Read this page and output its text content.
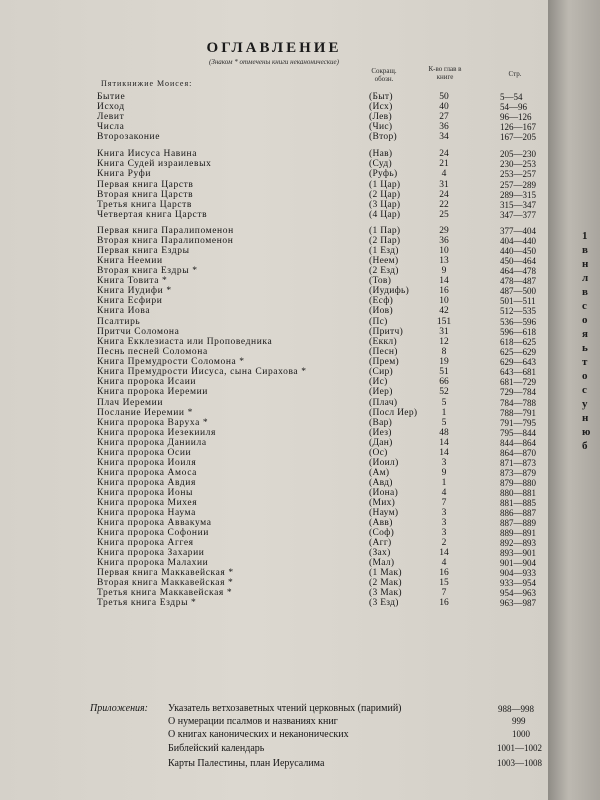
ОГЛАВЛЕНИЕ
(Знаком * отмечены книги неканонические)
Сокращ. обозн.
К-во глав в книге	Стр.
Пятикнижие Моисея:
Бытие	(Быт)	50	5—54
Исход	(Исх)	40	54—96
Левит	(Лев)	27	96—126
Числа	(Чис)	36	126—167
Второзаконие	(Втор)	34	167—205
Книга Иисуса Навина	(Нав)	24	205—230
Книга Судей израилевых	(Суд)	21	230—253
Книга Руфи	(Руфь)	4	253—257
Первая книга Царств	(1 Цар)	31	257—289
Вторая книга Царств	(2 Цар)	24	289—315
Третья книга Царств	(3 Цар)	22	315—347
Четвертая книга Царств	(4 Цар)	25	347—377
Первая книга Паралипоменон	(1 Пар)	29	377—404
Вторая книга Паралипоменон	(2 Пар)	36	404—440
Первая книга Ездры	(1 Езд)	10	440—450
Книга Неемии	(Неем)	13	450—464
Вторая книга Ездры *	(2 Езд)	9	464—478
Книга Товита *	(Тов)	14	478—487
Книга Иудифи *	(Иудифь)	16	487—500
Книга Есфири	(Есф)	10	501—511
Книга Иова	(Иов)	42	512—535
Псалтирь	(Пс)	151	536—596
Притчи Соломона	(Притч)	31	596—618
Книга Екклезиаста или Проповедника	(Еккл)	12	618—625
Песнь песней Соломона	(Песн)	8	625—629
Книга Премудрости Соломона *	(Прем)	19	629—643
Книга Премудрости Иисуса, сына Сирахова *	(Сир)	51	643—681
Книга пророка Исаии	(Ис)	66	681—729
Книга пророка Иеремии	(Иер)	52	729—784
Плач Иеремии	(Плач)	5	784—788
Послание Иеремии *	(Посл Иер)	1	788—791
Книга пророка Варуха *	(Вар)	5	791—795
Книга пророка Иезекииля	(Иез)	48	795—844
Книга пророка Даниила	(Дан)	14	844—864
Книга пророка Осии	(Ос)	14	864—870
Книга пророка Иоиля	(Иоил)	3	871—873
Книга пророка Амоса	(Ам)	9	873—879
Книга пророка Авдия	(Авд)	1	879—880
Книга пророка Ионы	(Иона)	4	880—881
Книга пророка Михея	(Мих)	7	881—885
Книга пророка Наума	(Наум)	3	886—887
Книга пророка Аввакума	(Авв)	3	887—889
Книга пророка Софонии	(Соф)	3	889—891
Книга пророка Аггея	(Агг)	2	892—893
Книга пророка Захарии	(Зах)	14	893—901
Книга пророка Малахии	(Мал)	4	901—904
Первая книга Маккавейская *	(1 Мак)	16	904—933
Вторая книга Маккавейская *	(2 Мак)	15	933—954
Третья книга Маккавейская *	(3 Мак)	7	954—963
Третья книга Ездры *	(3 Езд)	16	963—987
Приложения: Указатель ветхозаветных чтений церковных (паримий)	988—998
О нумерации псалмов и названиях книг	999
О книгах канонических и неканонических	1000
Библейский календарь	1001—1002
Карты Палестины, план Иерусалима	1003—1008
1
в
н
л
в
с
о
я
ь
т
о
с
у
н
ю
б
